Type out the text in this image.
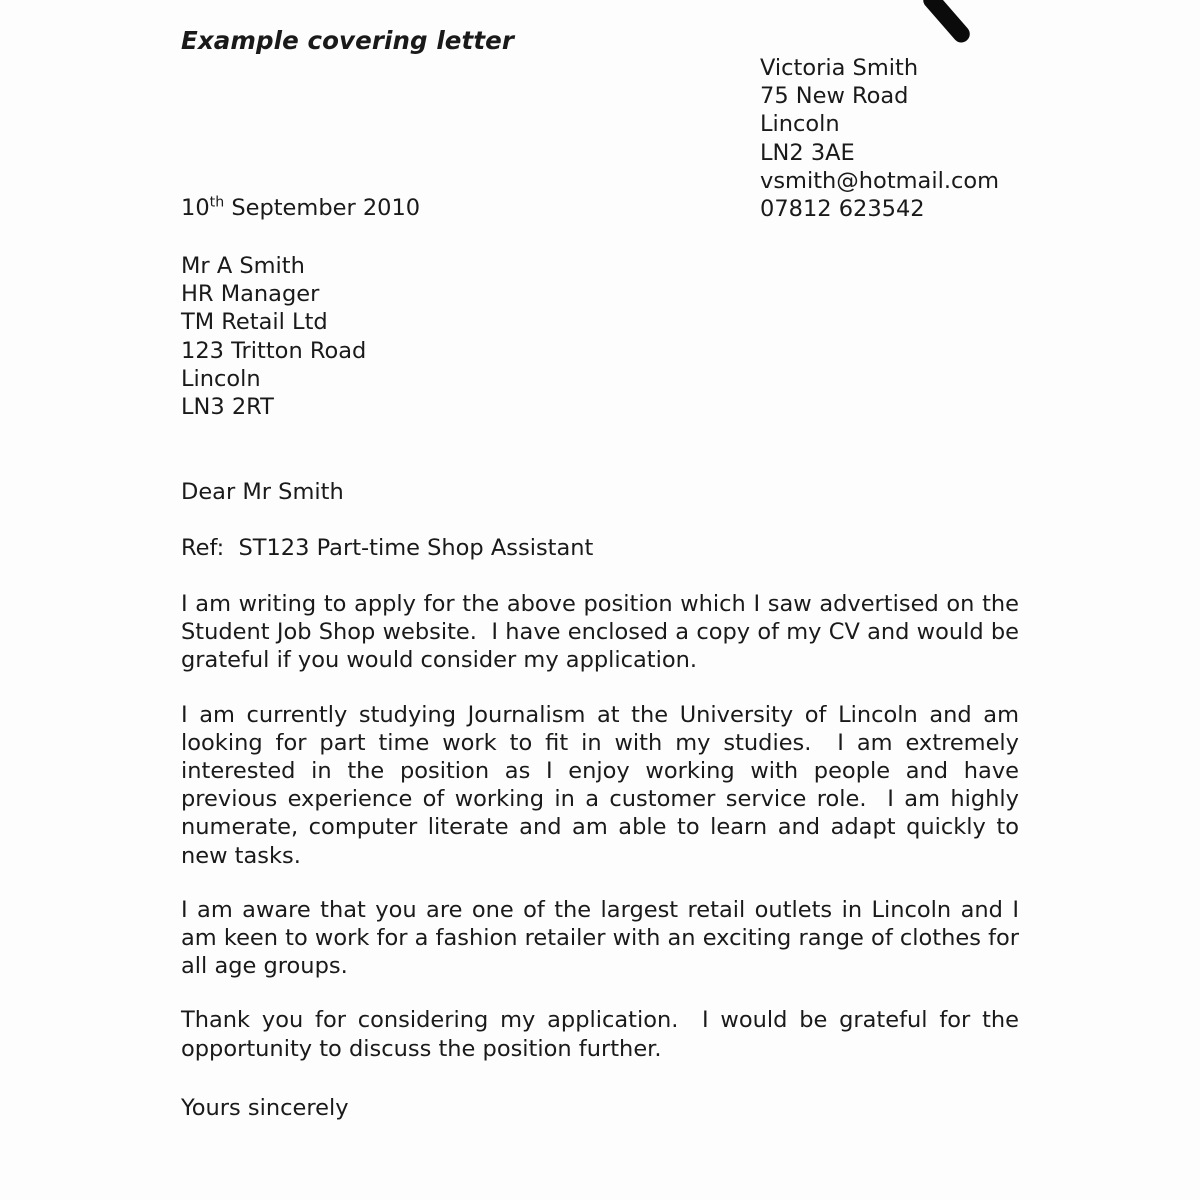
Example covering letter
Victoria Smith
75 New Road
Lincoln
LN2 3AE
vsmith@hotmail.com
07812 623542
10th September 2010
Mr A Smith
HR Manager
TM Retail Ltd
123 Tritton Road
Lincoln
LN3 2RT
Dear Mr Smith
Ref:  ST123 Part-time Shop Assistant

I am writing to apply for the above position which I saw advertised on the Student Job Shop website.  I have enclosed a copy of my CV and would be grateful if you would consider my application.

I am currently studying Journalism at the University of Lincoln and am looking for part time work to fit in with my studies.  I am extremely interested in the position as I enjoy working with people and have previous experience of working in a customer service role.  I am highly numerate, computer literate and am able to learn and adapt quickly to new tasks.

I am aware that you are one of the largest retail outlets in Lincoln and I am keen to work for a fashion retailer with an exciting range of clothes for all age groups.

Thank you for considering my application.  I would be grateful for the opportunity to discuss the position further.

Yours sincerely
